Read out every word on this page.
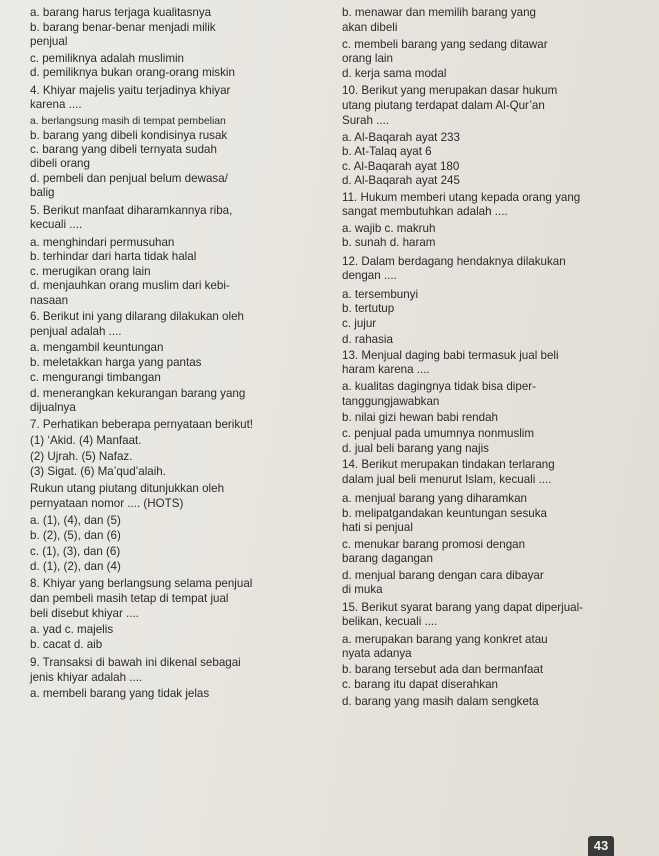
a. barang harus terjaga kualitasnya
b. barang benar-benar menjadi milik
penjual
c. pemiliknya adalah muslimin
d. pemiliknya bukan orang-orang miskin
4. Khiyar majelis yaitu terjadinya khiyar
karena ....
a. berlangsung masih di tempat pembelian
b. barang yang dibeli kondisinya rusak
c. barang yang dibeli ternyata sudah
dibeli orang
d. pembeli dan penjual belum dewasa/
balig
5. Berikut manfaat diharamkannya riba,
kecuali ....
a. menghindari permusuhan
b. terhindar dari harta tidak halal
c. merugikan orang lain
d. menjauhkan orang muslim dari kebi-
nasaan
6. Berikut ini yang dilarang dilakukan oleh
penjual adalah ....
a. mengambil keuntungan
b. meletakkan harga yang pantas
c. mengurangi timbangan
d. menerangkan kekurangan barang yang
dijualnya
7. Perhatikan beberapa pernyataan berikut!
(1) ‘Akid. (4) Manfaat.
(2) Ujrah. (5) Nafaz.
(3) Sigat. (6) Ma’qud’alaih.
Rukun utang piutang ditunjukkan oleh
pernyataan nomor .... (HOTS)
a. (1), (4), dan (5)
b. (2), (5), dan (6)
c. (1), (3), dan (6)
d. (1), (2), dan (4)
8. Khiyar yang berlangsung selama penjual
dan pembeli masih tetap di tempat jual
beli disebut khiyar ....
a. yad c. majelis
b. cacat d. aib
9. Transaksi di bawah ini dikenal sebagai
jenis khiyar adalah ....
a. membeli barang yang tidak jelas
b. menawar dan memilih barang yang
akan dibeli
c. membeli barang yang sedang ditawar
orang lain
d. kerja sama modal
10. Berikut yang merupakan dasar hukum
utang piutang terdapat dalam Al-Qur’an
Surah ....
a. Al-Baqarah ayat 233
b. At-Talaq ayat 6
c. Al-Baqarah ayat 180
d. Al-Baqarah ayat 245
11. Hukum memberi utang kepada orang yang
sangat membutuhkan adalah ....
a. wajib c. makruh
b. sunah d. haram
12. Dalam berdagang hendaknya dilakukan
dengan ....
a. tersembunyi
b. tertutup
c. jujur
d. rahasia
13. Menjual daging babi termasuk jual beli
haram karena ....
a. kualitas dagingnya tidak bisa diper-
tanggungjawabkan
b. nilai gizi hewan babi rendah
c. penjual pada umumnya nonmuslim
d. jual beli barang yang najis
14. Berikut merupakan tindakan terlarang
dalam jual beli menurut Islam, kecuali ....
a. menjual barang yang diharamkan
b. melipatgandakan keuntungan sesuka
hati si penjual
c. menukar barang promosi dengan
barang dagangan
d. menjual barang dengan cara dibayar
di muka
15. Berikut syarat barang yang dapat diperjual-
belikan, kecuali ....
a. merupakan barang yang konkret atau
nyata adanya
b. barang tersebut ada dan bermanfaat
c. barang itu dapat diserahkan
d. barang yang masih dalam sengketa
43
